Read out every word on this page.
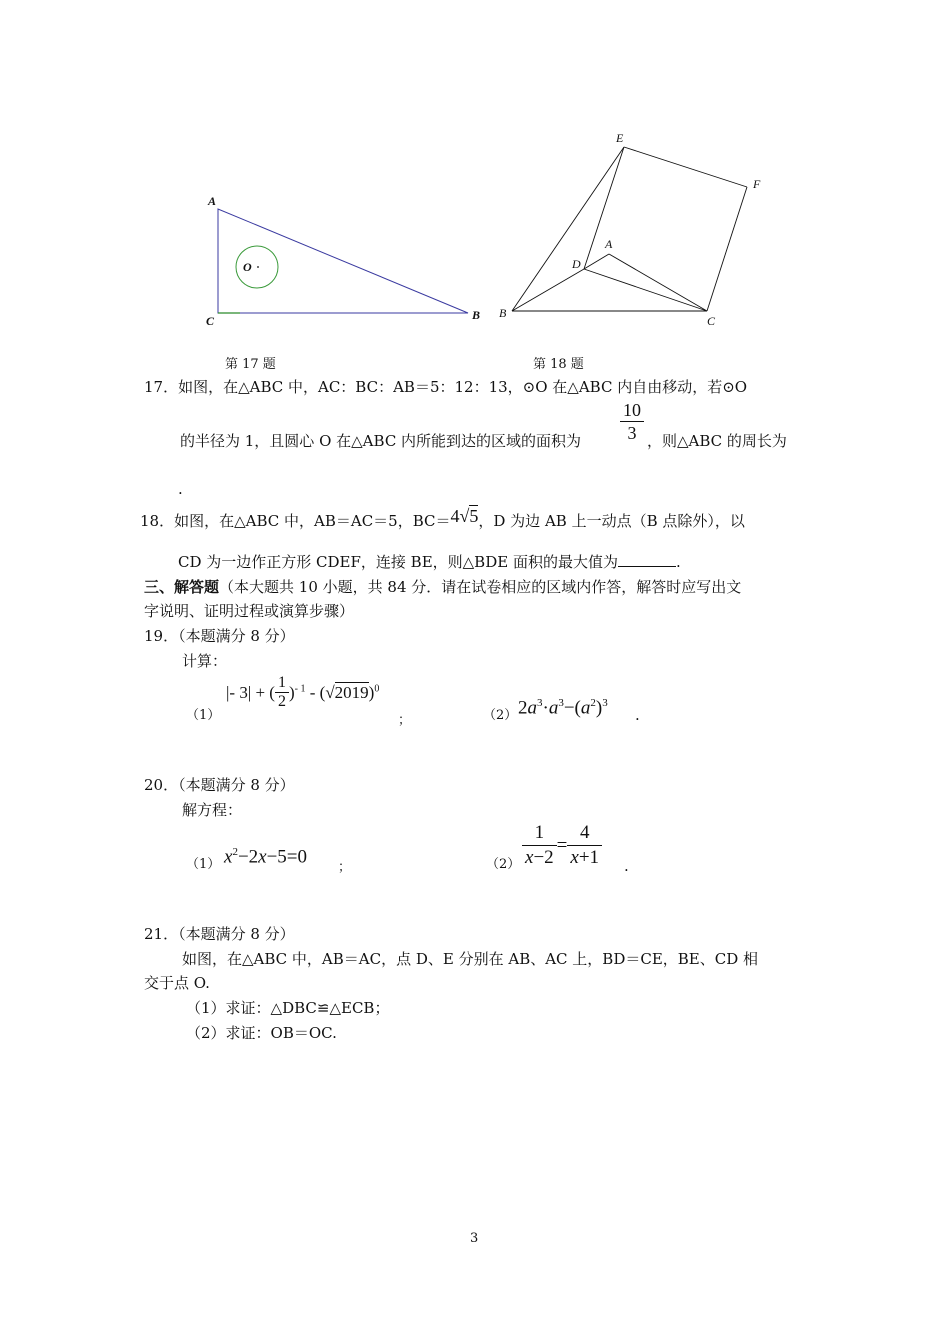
A
C	B
O
第 17 题
E
F
A
D
B
C
第 18 题
17．如图，在△ABC 中，AC：BC：AB＝5：12：13，⊙O 在△ABC 内自由移动，若⊙O
的半径为 1，且圆心 O 在△ABC 内所能到达的区域的面积为 $\frac{10}{3}$ ，则△ABC 的周长为
.
18．如图，在△ABC 中，AB＝AC＝5，BC＝4√5，D 为边 AB 上一动点（B 点除外），以
CD 为一边作正方形 CDEF，连接 BE，则△BDE 面积的最大值为	.
三、解答题（本大题共 10 小题，共 84 分．请在试卷相应的区域内作答，解答时应写出文
字说明、证明过程或演算步骤）
19．（本题满分 8 分）
计算：
（1）
|- 3| + ( $\frac{1}{2} )^{- 1} - (√2019)^0$
；	（2） $2a^3\cdot a^3-(a^2)^3$
.
20．（本题满分 8 分）
解方程：
（1） $x^2-2x-5=0$
；	$(2) \frac{1}{x-2} = \frac{4}{x+1}$ .
21．（本题满分 8 分）
如图，在△ABC 中，AB＝AC，点 D、E 分别在 AB、AC 上，BD＝CE，BE、CD 相
交于点 O.
（1）求证：△DBC≌△ECB；
（2）求证：OB＝OC.
3
